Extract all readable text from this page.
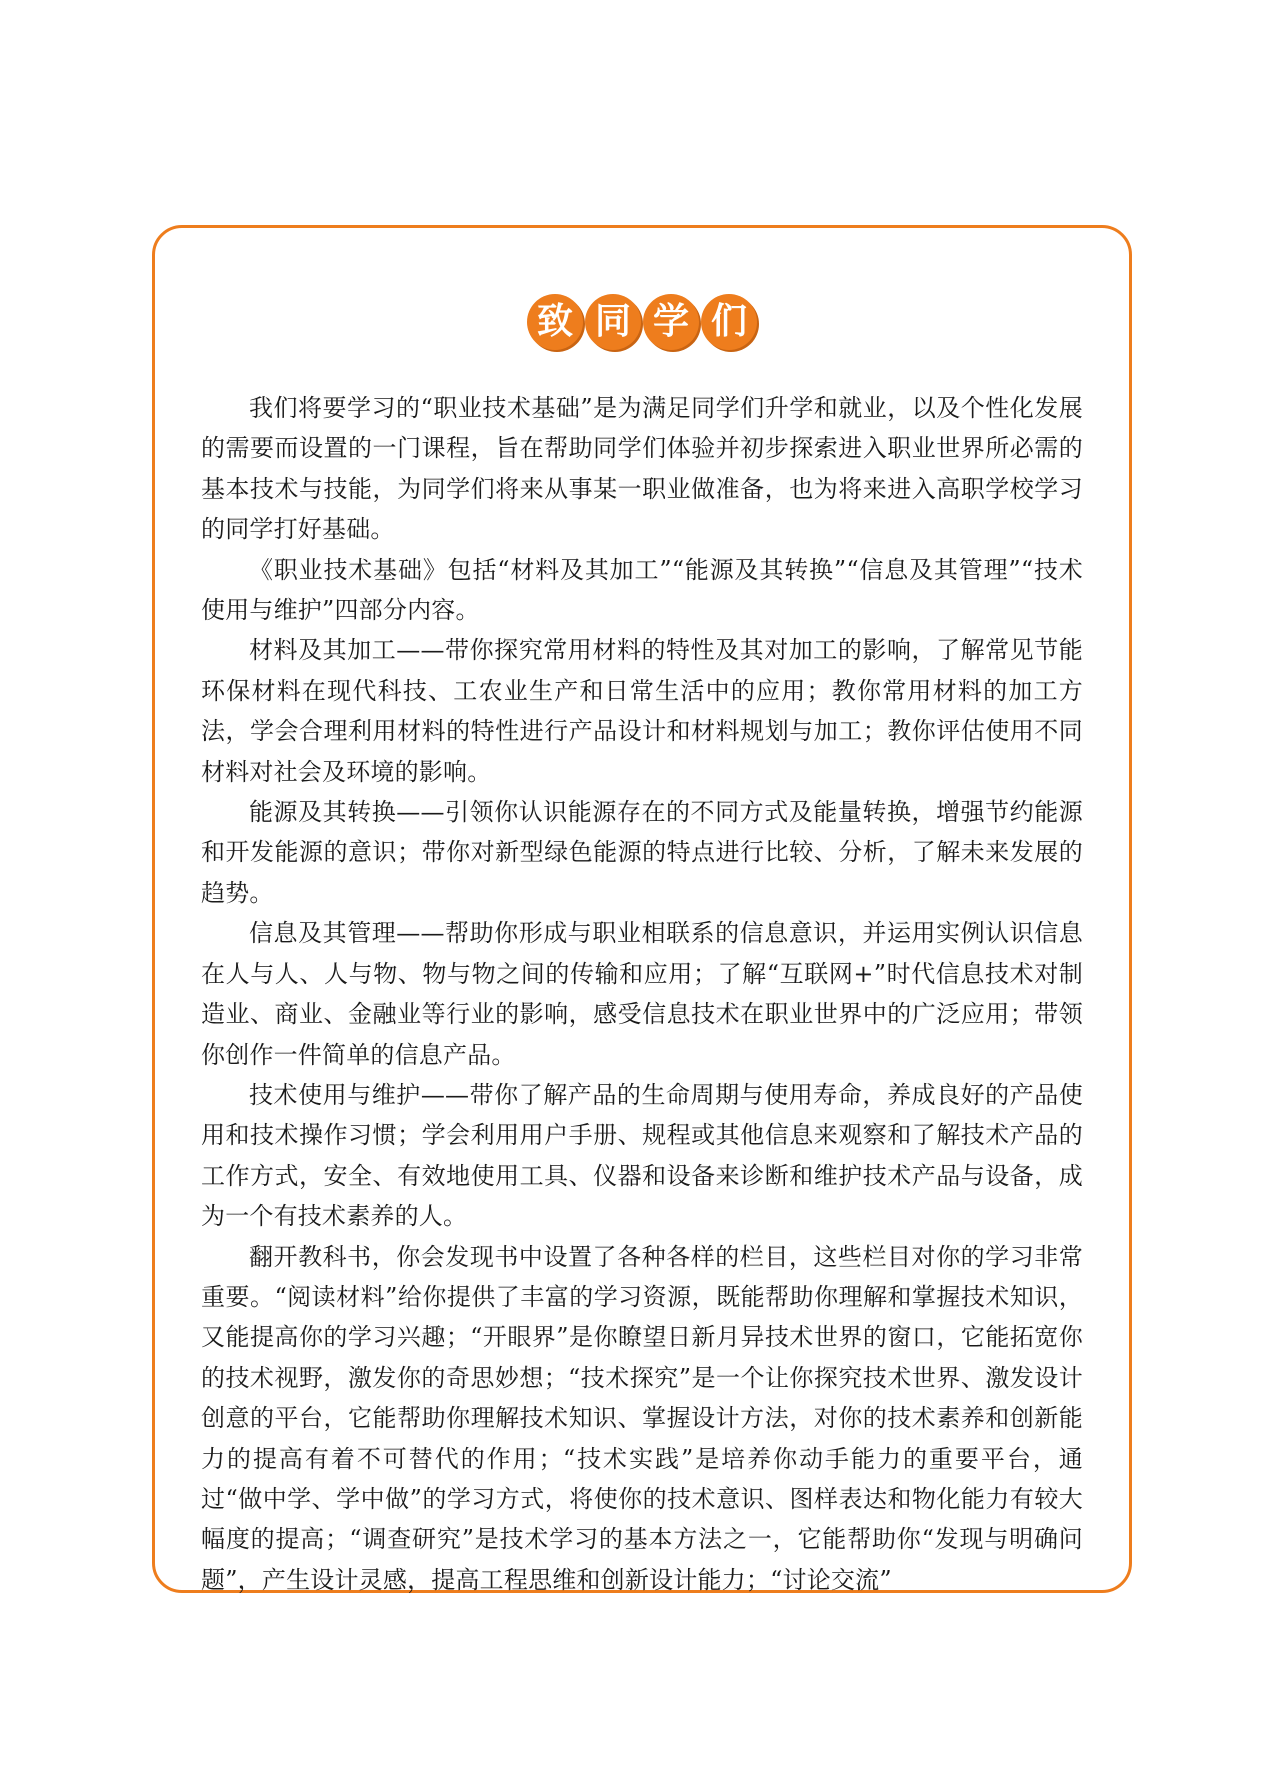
致 同 学 们

我们将要学习的“职业技术基础”是为满足同学们升学和就业，以及个性化发展的需要而设置的一门课程，旨在帮助同学们体验并初步探索进入职业世界所必需的基本技术与技能，为同学们将来从事某一职业做准备，也为将来进入高职学校学习的同学打好基础。

《职业技术基础》包括“材料及其加工”“能源及其转换”“信息及其管理”“技术使用与维护”四部分内容。

材料及其加工——带你探究常用材料的特性及其对加工的影响，了解常见节能环保材料在现代科技、工农业生产和日常生活中的应用；教你常用材料的加工方法，学会合理利用材料的特性进行产品设计和材料规划与加工；教你评估使用不同材料对社会及环境的影响。

能源及其转换——引领你认识能源存在的不同方式及能量转换，增强节约能源和开发能源的意识；带你对新型绿色能源的特点进行比较、分析，了解未来发展的趋势。

信息及其管理——帮助你形成与职业相联系的信息意识，并运用实例认识信息在人与人、人与物、物与物之间的传输和应用；了解“互联网+”时代信息技术对制造业、商业、金融业等行业的影响，感受信息技术在职业世界中的广泛应用；带领你创作一件简单的信息产品。

技术使用与维护——带你了解产品的生命周期与使用寿命，养成良好的产品使用和技术操作习惯；学会利用用户手册、规程或其他信息来观察和了解技术产品的工作方式，安全、有效地使用工具、仪器和设备来诊断和维护技术产品与设备，成为一个有技术素养的人。

翻开教科书，你会发现书中设置了各种各样的栏目，这些栏目对你的学习非常重要。“阅读材料”给你提供了丰富的学习资源，既能帮助你理解和掌握技术知识，又能提高你的学习兴趣；“开眼界”是你瞭望日新月异技术世界的窗口，它能拓宽你的技术视野，激发你的奇思妙想；“技术探究”是一个让你探究技术世界、激发设计创意的平台，它能帮助你理解技术知识、掌握设计方法，对你的技术素养和创新能力的提高有着不可替代的作用；“技术实践”是培养你动手能力的重要平台，通过“做中学、学中做”的学习方式，将使你的技术意识、图样表达和物化能力有较大幅度的提高；“调查研究”是技术学习的基本方法之一，它能帮助你“发现与明确问题”，产生设计灵感，提高工程思维和创新设计能力；“讨论交流”
